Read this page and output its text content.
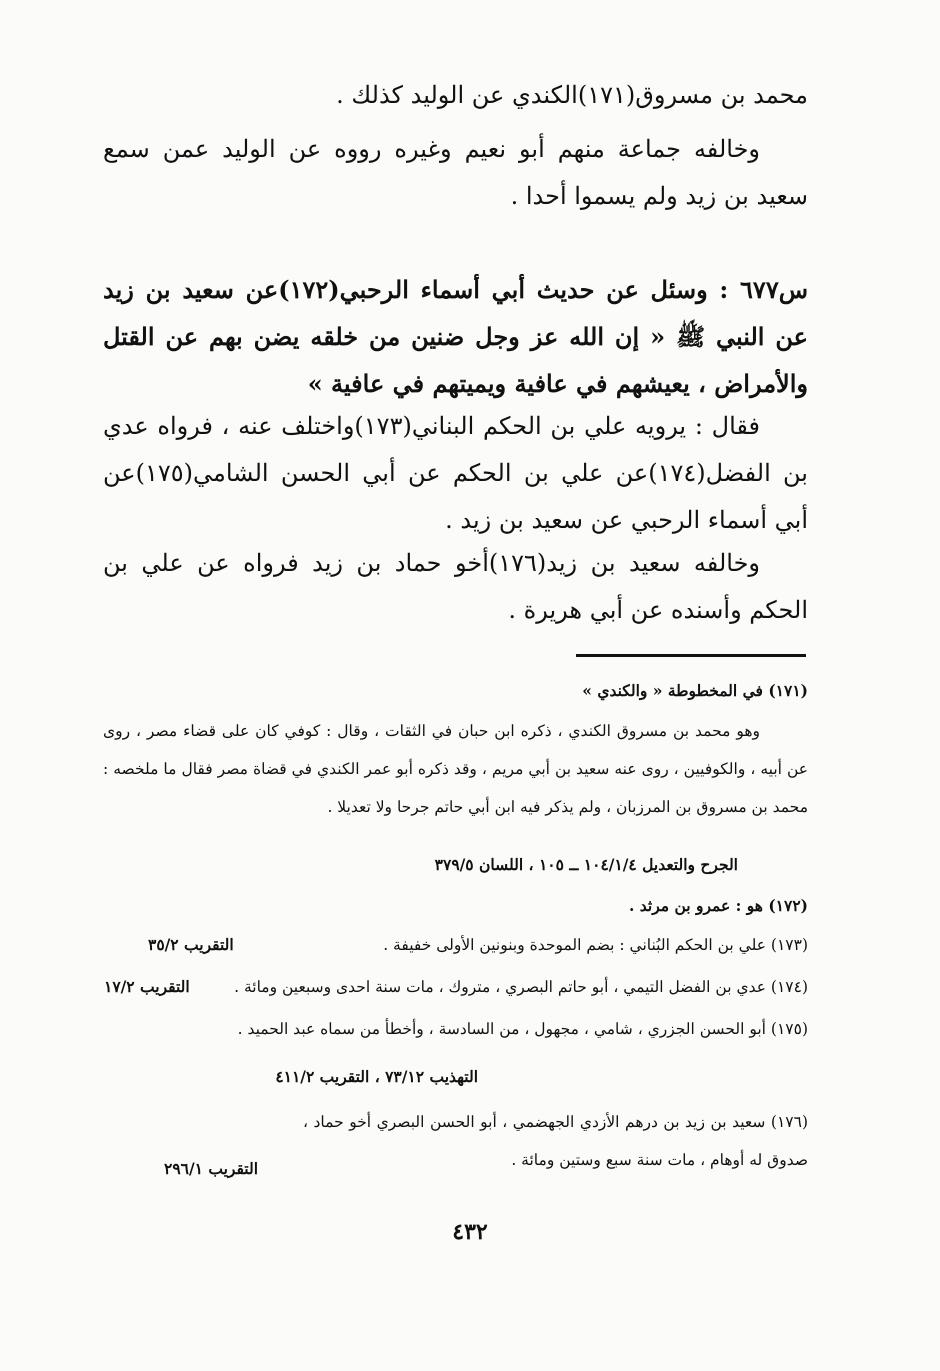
محمد بن مسروق(١٧١)الكندي عن الوليد كذلك .

وخالفه جماعة منهم أبو نعيم وغيره رووه عن الوليد عمن سمع سعيد بن زيد ولم يسموا أحدا .

س٦٧٧ : وسئل عن حديث أبي أسماء الرحبي(١٧٢)عن سعيد بن زيد عن النبي ﷺ « إن الله عز وجل ضنين من خلقه يضن بهم عن القتل والأمراض ، يعيشهم في عافية ويميتهم في عافية »

فقال : يرويه علي بن الحكم البناني(١٧٣)واختلف عنه ، فرواه عدي بن الفضل(١٧٤)عن علي بن الحكم عن أبي الحسن الشامي(١٧٥)عن أبي أسماء الرحبي عن سعيد بن زيد .

وخالفه سعيد بن زيد(١٧٦)أخو حماد بن زيد فرواه عن علي بن الحكم وأسنده عن أبي هريرة .

(١٧١) في المخطوطة « والكندي »

وهو محمد بن مسروق الكندي ، ذكره ابن حبان في الثقات ، وقال : كوفي كان على قضاء مصر ، روى عن أبيه ، والكوفيين ، روى عنه سعيد بن أبي مريم ، وقد ذكره أبو عمر الكندي في قضاة مصر فقال ما ملخصه : محمد بن مسروق بن المرزبان ، ولم يذكر فيه ابن أبي حاتم جرحا ولا تعديلا .

الجرح والتعديل ١٠٤/١/٤ ــ ١٠٥ ، اللسان ٣٧٩/٥

(١٧٢) هو : عمرو بن مرثد .

(١٧٣) علي بن الحكم البُناني : بضم الموحدة وبنونين الأولى خفيفة .

التقريب ٣٥/٢

(١٧٤) عدي بن الفضل التيمي ، أبو حاتم البصري ، متروك ، مات سنة احدى وسبعين ومائة .

التقريب ١٧/٢

(١٧٥) أبو الحسن الجزري ، شامي ، مجهول ، من السادسة ، وأخطأ من سماه عبد الحميد .

التهذيب ٧٣/١٢ ، التقريب ٤١١/٢

(١٧٦) سعيد بن زيد بن درهم الأزدي الجهضمي ، أبو الحسن البصري أخو حماد ، صدوق له أوهام ، مات سنة سبع وستين ومائة .

التقريب ٢٩٦/١
٤٣٢
